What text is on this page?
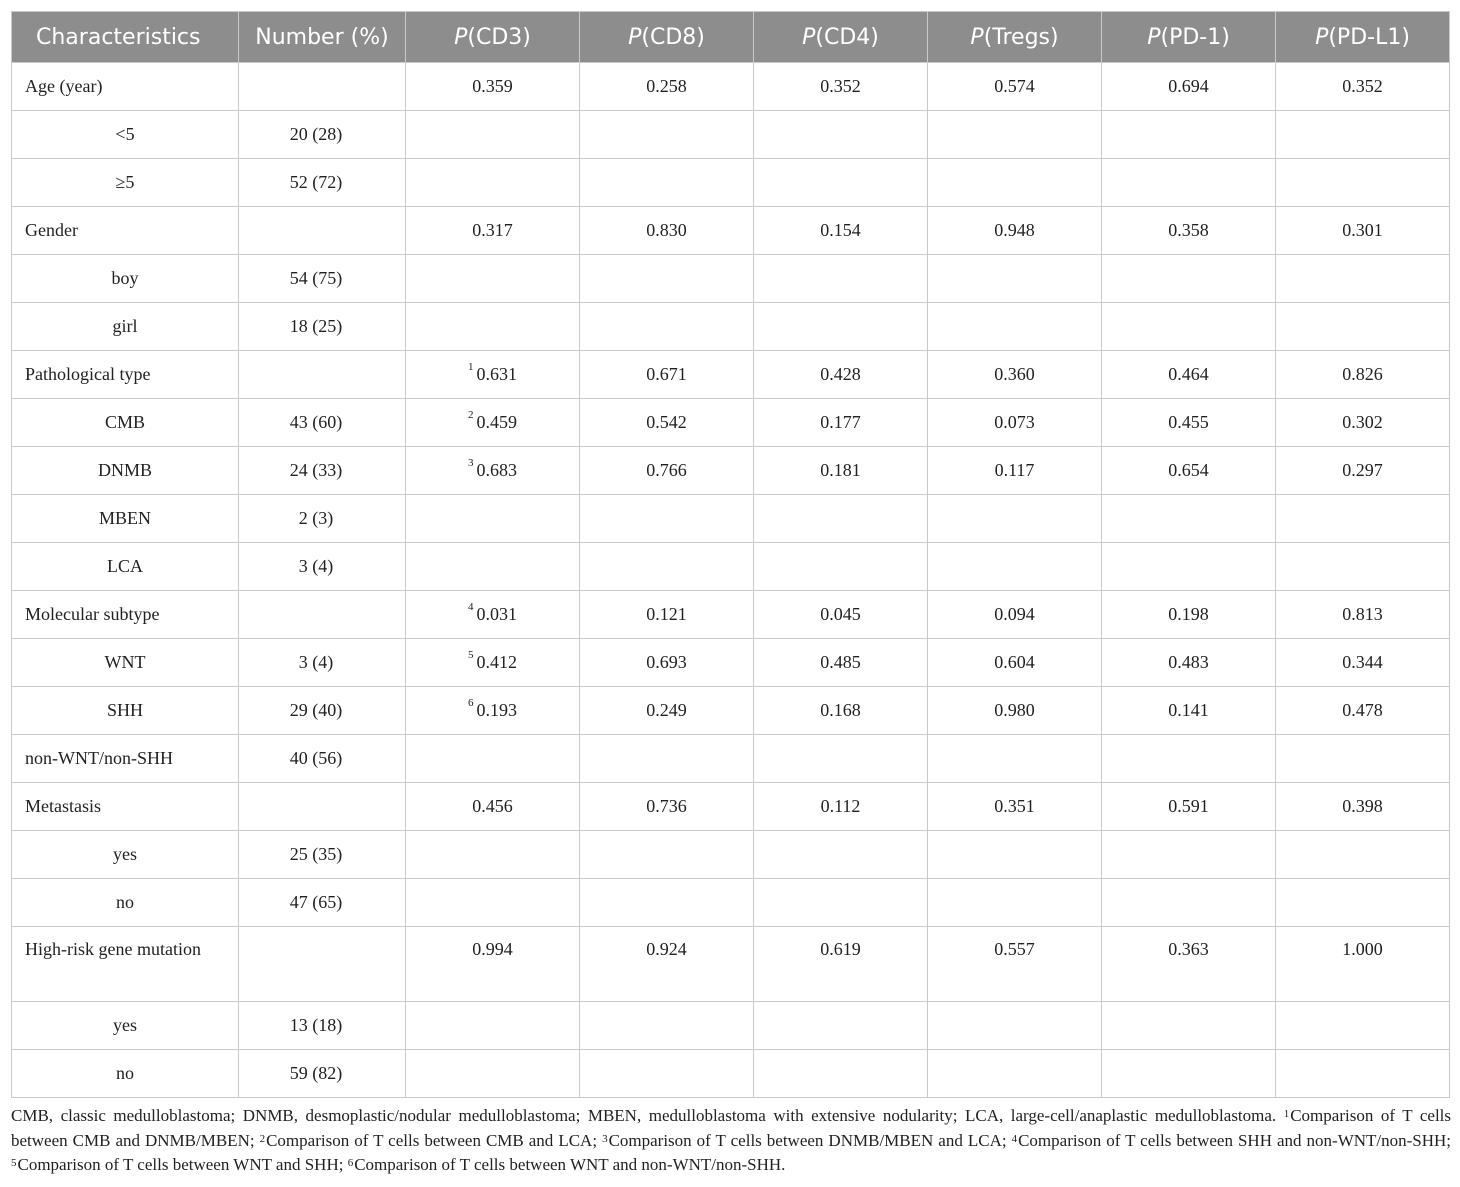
Characteristics	Number (%)	P(CD3)	P(CD8)	P(CD4)	P(Tregs)	P(PD-1)	P(PD-L1)
Age (year)		0.359	0.258	0.352	0.574	0.694	0.352
<5	20 (28)						
≥5	52 (72)						
Gender		0.317	0.830	0.154	0.948	0.358	0.301
boy	54 (75)						
girl	18 (25)						
Pathological type		$^1$ 0.631	0.671	0.428	0.360	0.464	0.826
CMB	43 (60)	$^2$ 0.459	0.542	0.177	0.073	0.455	0.302
DNMB	24 (33)	$^3$ 0.683	0.766	0.181	0.117	0.654	0.297
MBEN	2 (3)						
LCA	3 (4)						
Molecular subtype		$^4$ 0.031	0.121	0.045	0.094	0.198	0.813
WNT	3 (4)	$^5$ 0.412	0.693	0.485	0.604	0.483	0.344
SHH	29 (40)	$^6$ 0.193	0.249	0.168	0.980	0.141	0.478
non-WNT/non-SHH	40 (56)						
Metastasis		0.456	0.736	0.112	0.351	0.591	0.398
yes	25 (35)						
no	47 (65)						
High-risk gene mutation		0.994	0.924	0.619	0.557	0.363	1.000
yes	13 (18)						
no	59 (82)						

CMB, classic medulloblastoma; DNMB, desmoplastic/nodular medulloblastoma; MBEN, medulloblastoma with extensive nodularity; LCA, large-cell/anaplastic medulloblastoma. $^1$Comparison of T cells between CMB and DNMB/MBEN; $^2$Comparison of T cells between CMB and LCA; $^3$Comparison of T cells between DNMB/MBEN and LCA; $^4$Comparison of T cells between SHH and non-WNT/non-SHH; $^5$Comparison of T cells between WNT and SHH; $^6$Comparison of T cells between WNT and non-WNT/non-SHH.
